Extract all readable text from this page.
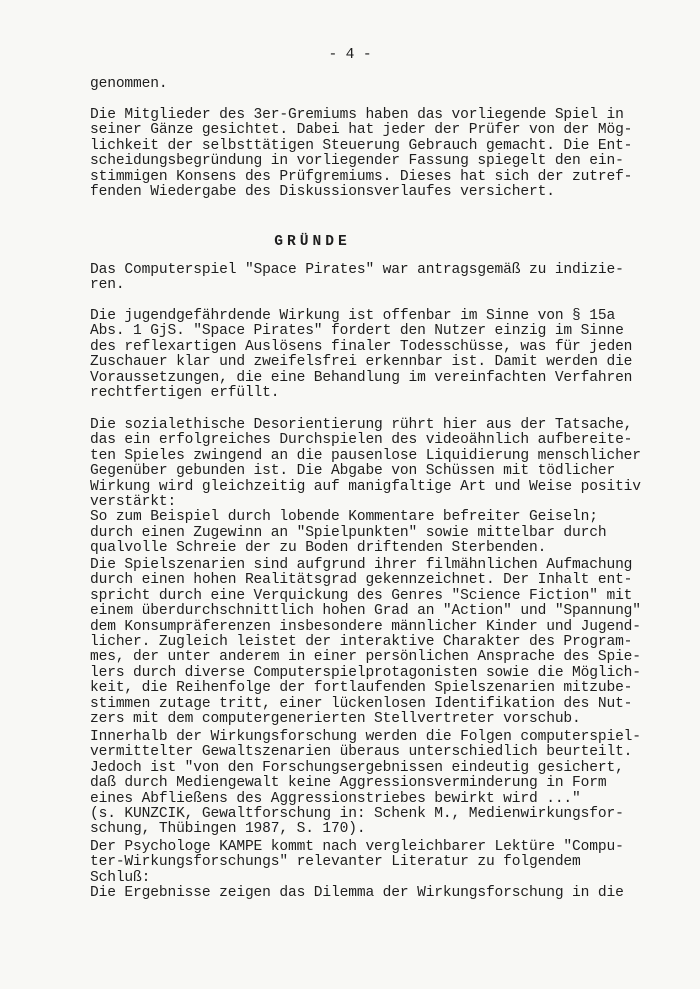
- 4 -
genommen.
Die Mitglieder des 3er-Gremiums haben das vorliegende Spiel in
seiner Gänze gesichtet. Dabei hat jeder der Prüfer von der Mög-
lichkeit der selbsttätigen Steuerung Gebrauch gemacht. Die Ent-
scheidungsbegründung in vorliegender Fassung spiegelt den ein-
stimmigen Konsens des Prüfgremiums. Dieses hat sich der zutref-
fenden Wiedergabe des Diskussionsverlaufes versichert.
GRÜNDE
Das Computerspiel "Space Pirates" war antragsgemäß zu indizie-
ren.
Die jugendgefährdende Wirkung ist offenbar im Sinne von § 15a
Abs. 1 GjS. "Space Pirates" fordert den Nutzer einzig im Sinne
des reflexartigen Auslösens finaler Todesschüsse, was für jeden
Zuschauer klar und zweifelsfrei erkennbar ist. Damit werden die
Voraussetzungen, die eine Behandlung im vereinfachten Verfahren
rechtfertigen erfüllt.
Die sozialethische Desorientierung rührt hier aus der Tatsache,
das ein erfolgreiches Durchspielen des videoähnlich aufbereite-
ten Spieles zwingend an die pausenlose Liquidierung menschlicher
Gegenüber gebunden ist. Die Abgabe von Schüssen mit tödlicher
Wirkung wird gleichzeitig auf manigfaltige Art und Weise positiv
verstärkt:
So zum Beispiel durch lobende Kommentare befreiter Geiseln;
durch einen Zugewinn an "Spielpunkten" sowie mittelbar durch
qualvolle Schreie der zu Boden driftenden Sterbenden.
Die Spielszenarien sind aufgrund ihrer filmähnlichen Aufmachung
durch einen hohen Realitätsgrad gekennzeichnet. Der Inhalt ent-
spricht durch eine Verquickung des Genres "Science Fiction" mit
einem überdurchschnittlich hohen Grad an "Action" und "Spannung"
dem Konsumpräferenzen insbesondere männlicher Kinder und Jugend-
licher. Zugleich leistet der interaktive Charakter des Program-
mes, der unter anderem in einer persönlichen Ansprache des Spie-
lers durch diverse Computerspielprotagonisten sowie die Möglich-
keit, die Reihenfolge der fortlaufenden Spielszenarien mitzube-
stimmen zutage tritt, einer lückenlosen Identifikation des Nut-
zers mit dem computergenerierten Stellvertreter vorschub.
Innerhalb der Wirkungsforschung werden die Folgen computerspiel-
vermittelter Gewaltszenarien überaus unterschiedlich beurteilt.
Jedoch ist "von den Forschungsergebnissen eindeutig gesichert,
daß durch Mediengewalt keine Aggressionsverminderung in Form
eines Abfließens des Aggressionstriebes bewirkt wird ..."
(s. KUNZCIK, Gewaltforschung in: Schenk M., Medienwirkungsfor-
schung, Thübingen 1987, S. 170).
Der Psychologe KAMPE kommt nach vergleichbarer Lektüre "Compu-
ter-Wirkungsforschungs" relevanter Literatur zu folgendem
Schluß:
Die Ergebnisse zeigen das Dilemma der Wirkungsforschung in die
